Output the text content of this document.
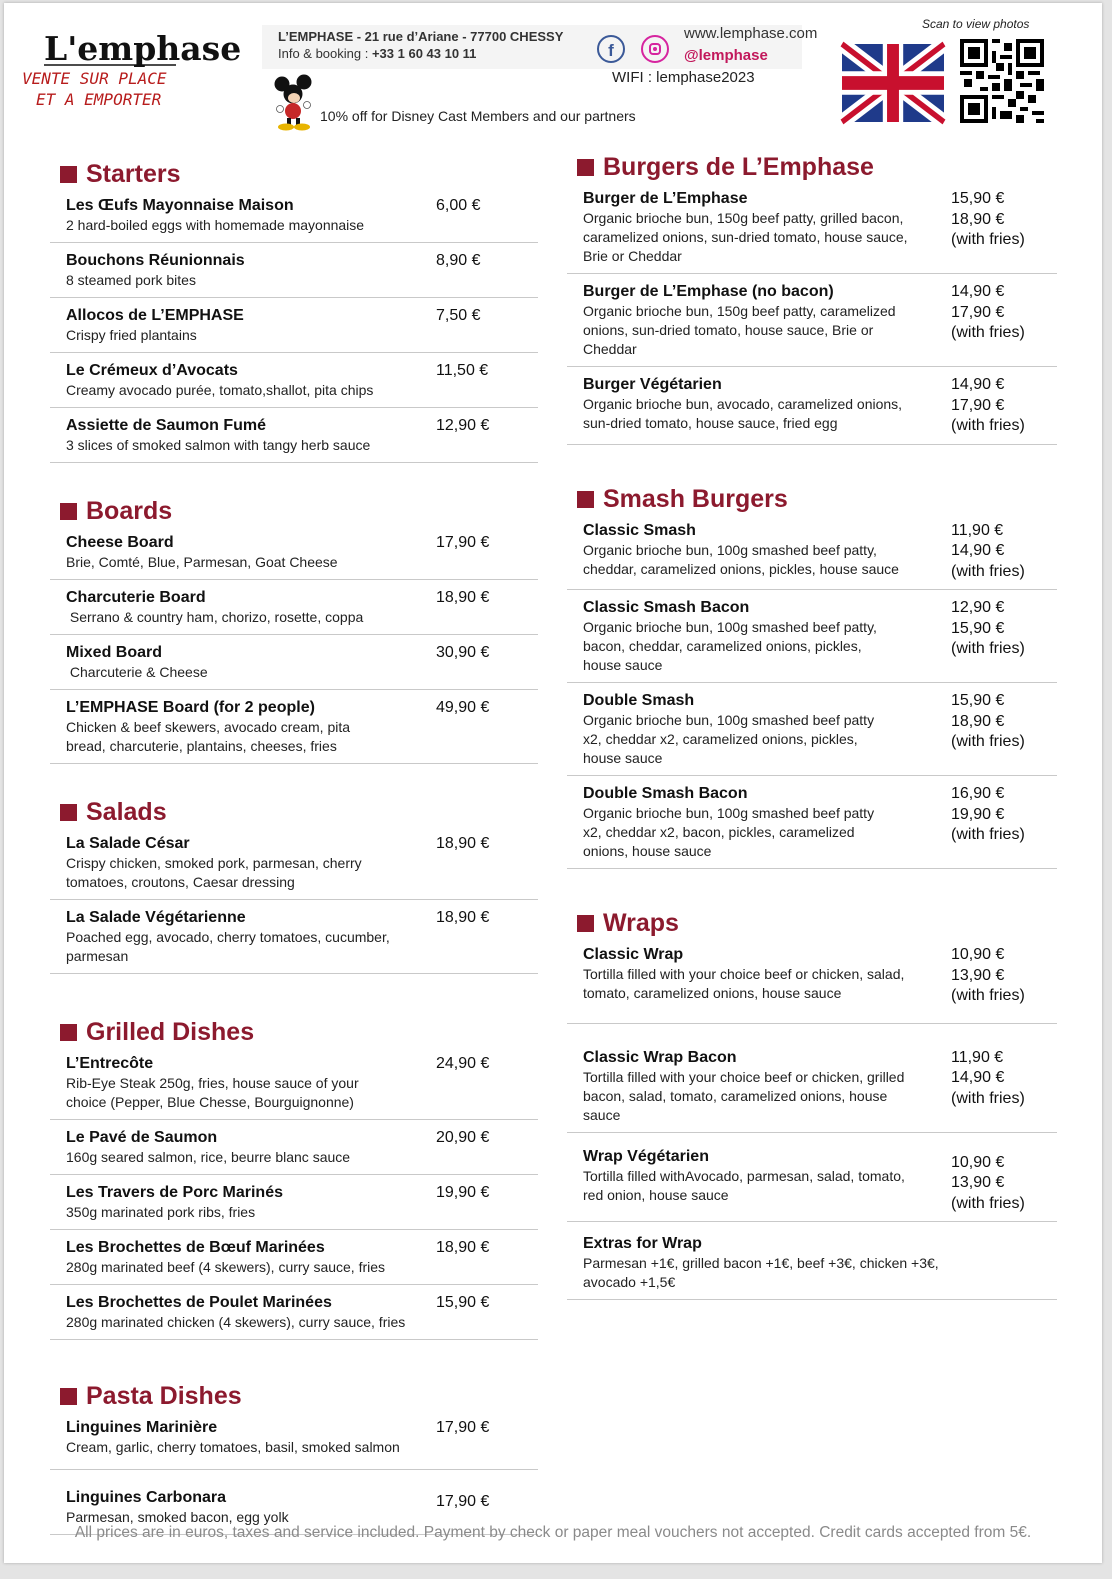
L'emphase
VENTE SUR PLACE
ET A EMPORTER
L’EMPHASE - 21 rue d’Ariane - 77700 CHESSY
Info & booking : +33 1 60 43 10 11	f
www.lemphase.com
@lemphase
WIFI : lemphase2023
10% off for Disney Cast Members and our partners
Scan to view photos
Starters
Les Œufs Mayonnaise Maison
2 hard-boiled eggs with homemade mayonnaise
6,00 €
Bouchons Réunionnais
8 steamed pork bites
8,90 €
Allocos de L’EMPHASE
Crispy fried plantains
7,50 €
Le Crémeux d’Avocats
Creamy avocado purée, tomato,shallot, pita chips
11,50 €
Assiette de Saumon Fumé
3 slices of smoked salmon with tangy herb sauce
12,90 €
Boards
Cheese Board
Brie, Comté, Blue, Parmesan, Goat Cheese
17,90 €
Charcuterie Board
Serrano & country ham, chorizo, rosette, coppa
18,90 €
Mixed Board
Charcuterie & Cheese
30,90 €
L’EMPHASE Board (for 2 people)
Chicken & beef skewers, avocado cream, pita
bread, charcuterie, plantains, cheeses, fries
49,90 €
Salads
La Salade César
Crispy chicken, smoked pork, parmesan, cherry
tomatoes, croutons, Caesar dressing
18,90 €
La Salade Végétarienne
Poached egg, avocado, cherry tomatoes, cucumber,
parmesan
18,90 €
Grilled Dishes
L’Entrecôte
Rib-Eye Steak 250g, fries, house sauce of your
choice (Pepper, Blue Chesse, Bourguignonne)
24,90 €
Le Pavé de Saumon
160g seared salmon, rice, beurre blanc sauce
20,90 €
Les Travers de Porc Marinés
350g marinated pork ribs, fries
19,90 €
Les Brochettes de Bœuf Marinées
280g marinated beef (4 skewers), curry sauce, fries
18,90 €
Les Brochettes de Poulet Marinées
280g marinated chicken (4 skewers), curry sauce, fries
15,90 €
Pasta Dishes
Linguines Marinière
Cream, garlic, cherry tomatoes, basil, smoked salmon
17,90 €
Linguines Carbonara
Parmesan, smoked bacon, egg yolk
17,90 €
Burgers de L’Emphase
Burger de L’Emphase
Organic brioche bun, 150g beef patty, grilled bacon, caramelized onions, sun-dried tomato, house sauce, Brie or Cheddar
15,90 €
18,90 €
(with fries)
Burger de L’Emphase (no bacon)
Organic brioche bun, 150g beef patty, caramelized onions, sun-dried tomato, house sauce, Brie or Cheddar
14,90 €
17,90 €
(with fries)
Burger Végétarien
Organic brioche bun, avocado, caramelized onions, sun-dried tomato, house sauce, fried egg
14,90 €
17,90 €
(with fries)
Smash Burgers
Classic Smash
Organic brioche bun, 100g smashed beef patty, cheddar, caramelized onions, pickles, house sauce
11,90 €
14,90 €
(with fries)
Classic Smash Bacon
Organic brioche bun, 100g smashed beef patty, bacon, cheddar, caramelized onions, pickles, house sauce
12,90 €
15,90 €
(with fries)
Double Smash
Organic brioche bun, 100g smashed beef patty x2, cheddar x2, caramelized onions, pickles, house sauce
15,90 €
18,90 €
(with fries)
Double Smash Bacon
Organic brioche bun, 100g smashed beef patty x2, cheddar x2, bacon, pickles, caramelized onions, house sauce
16,90 €
19,90 €
(with fries)
Wraps
Classic Wrap
Tortilla filled with your choice beef or chicken, salad, tomato, caramelized onions, house sauce
10,90 €
13,90 €
(with fries)
Classic Wrap Bacon
Tortilla filled with your choice beef or chicken, grilled bacon, salad, tomato, caramelized onions, house sauce
11,90 €
14,90 €
(with fries)
Wrap Végétarien
Tortilla filled withAvocado, parmesan, salad, tomato, red onion, house sauce
10,90 €
13,90 €
(with fries)
Extras for Wrap
Parmesan +1€, grilled bacon +1€, beef +3€, chicken +3€, avocado +1,5€
All prices are in euros, taxes and service included. Payment by check or paper meal vouchers not accepted. Credit cards accepted from 5€.
